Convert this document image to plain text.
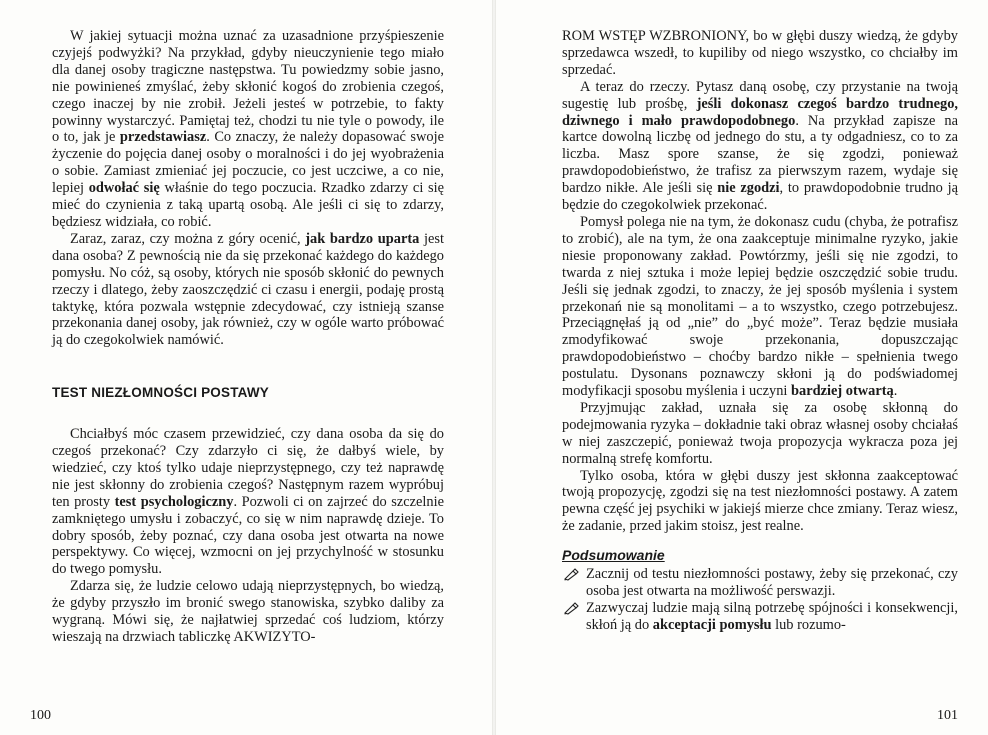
W jakiej sytuacji można uznać za uzasadnione przyśpieszenie czyjejś podwyżki? Na przykład, gdyby nieuczynienie tego miało dla danej osoby tragiczne następstwa. Tu powiedzmy sobie jasno, nie powinieneś zmyślać, żeby skłonić kogoś do zrobienia czegoś, czego inaczej by nie zrobił. Jeżeli jesteś w potrzebie, to fakty powinny wystarczyć. Pamiętaj też, chodzi tu nie tyle o powody, ile o to, jak je przedstawiasz. Co znaczy, że należy dopasować swoje życzenie do pojęcia danej osoby o moralności i do jej wyobrażenia o sobie. Zamiast zmieniać jej poczucie, co jest uczciwe, a co nie, lepiej odwołać się właśnie do tego poczucia. Rzadko zdarzy ci się mieć do czynienia z taką upartą osobą. Ale jeśli ci się to zdarzy, będziesz widziała, co robić.

Zaraz, zaraz, czy można z góry ocenić, jak bardzo uparta jest dana osoba? Z pewnością nie da się przekonać każdego do każdego pomysłu. No cóż, są osoby, których nie sposób skłonić do pewnych rzeczy i dlatego, żeby zaoszczędzić ci czasu i energii, podaję prostą taktykę, która pozwala wstępnie zdecydować, czy istnieją szanse przekonania danej osoby, jak również, czy w ogóle warto próbować ją do czegokolwiek namówić.

TEST NIEZŁOMNOŚCI POSTAWY

Chciałbyś móc czasem przewidzieć, czy dana osoba da się do czegoś przekonać? Czy zdarzyło ci się, że dałbyś wiele, by wiedzieć, czy ktoś tylko udaje nieprzystępnego, czy też naprawdę nie jest skłonny do zrobienia czegoś? Następnym razem wypróbuj ten prosty test psychologiczny. Pozwoli ci on zajrzeć do szczelnie zamkniętego umysłu i zobaczyć, co się w nim naprawdę dzieje. To dobry sposób, żeby poznać, czy dana osoba jest otwarta na nowe perspektywy. Co więcej, wzmocni on jej przychylność w stosunku do twego pomysłu.

Zdarza się, że ludzie celowo udają nieprzystępnych, bo wiedzą, że gdyby przyszło im bronić swego stanowiska, szybko daliby za wygraną. Mówi się, że najłatwiej sprzedać coś ludziom, którzy wieszają na drzwiach tabliczkę AKWIZYTO-

100

ROM WSTĘP WZBRONIONY, bo w głębi duszy wiedzą, że gdyby sprzedawca wszedł, to kupiliby od niego wszystko, co chciałby im sprzedać.

A teraz do rzeczy. Pytasz daną osobę, czy przystanie na twoją sugestię lub prośbę, jeśli dokonasz czegoś bardzo trudnego, dziwnego i mało prawdopodobnego. Na przykład zapisze na kartce dowolną liczbę od jednego do stu, a ty odgadniesz, co to za liczba. Masz spore szanse, że się zgodzi, ponieważ prawdopodobieństwo, że trafisz za pierwszym razem, wydaje się bardzo nikłe. Ale jeśli się nie zgodzi, to prawdopodobnie trudno ją będzie do czegokolwiek przekonać.

Pomysł polega nie na tym, że dokonasz cudu (chyba, że potrafisz to zrobić), ale na tym, że ona zaakceptuje minimalne ryzyko, jakie niesie proponowany zakład. Powtórzmy, jeśli się nie zgodzi, to twarda z niej sztuka i może lepiej będzie oszczędzić sobie trudu. Jeśli się jednak zgodzi, to znaczy, że jej sposób myślenia i system przekonań nie są monolitami – a to wszystko, czego potrzebujesz. Przeciągnęłaś ją od „nie” do „być może”. Teraz będzie musiała zmodyfikować swoje przekonania, dopuszczając prawdopodobieństwo – choćby bardzo nikłe – spełnienia twego postulatu. Dysonans poznawczy skłoni ją do podświadomej modyfikacji sposobu myślenia i uczyni bardziej otwartą.

Przyjmując zakład, uznała się za osobę skłonną do podejmowania ryzyka – dokładnie taki obraz własnej osoby chciałaś w niej zaszczepić, ponieważ twoja propozycja wykracza poza jej normalną strefę komfortu.

Tylko osoba, która w głębi duszy jest skłonna zaakceptować twoją propozycję, zgodzi się na test niezłomności postawy. A zatem pewna część jej psychiki w jakiejś mierze chce zmiany. Teraz wiesz, że zadanie, przed jakim stoisz, jest realne.

Podsumowanie
Zacznij od testu niezłomności postawy, żeby się przekonać, czy osoba jest otwarta na możliwość perswazji.
Zazwyczaj ludzie mają silną potrzebę spójności i konsekwencji, skłoń ją do akceptacji pomysłu lub rozumo-
101
